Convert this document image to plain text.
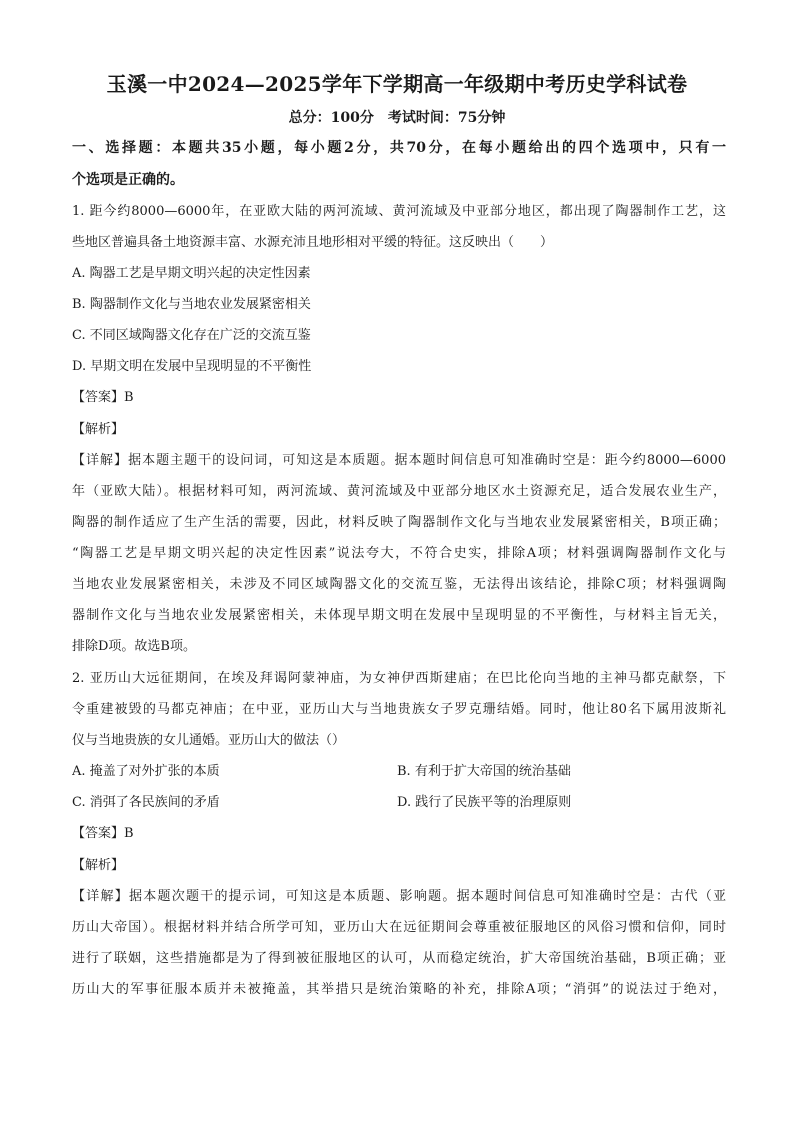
玉溪一中2024—2025学年下学期高一年级期中考历史学科试卷
总分：100分　考试时间：75分钟
一、选择题：本题共35小题，每小题2分，共70分，在每小题给出的四个选项中，只有一
个选项是正确的。
1. 距今约8000—6000年，在亚欧大陆的两河流域、黄河流域及中亚部分地区，都出现了陶器制作工艺，这
些地区普遍具备土地资源丰富、水源充沛且地形相对平缓的特征。这反映出（　　）
A. 陶器工艺是早期文明兴起的决定性因素
B. 陶器制作文化与当地农业发展紧密相关
C. 不同区域陶器文化存在广泛的交流互鉴
D. 早期文明在发展中呈现明显的不平衡性
【答案】B
【解析】
【详解】据本题主题干的设问词，可知这是本质题。据本题时间信息可知准确时空是：距今约8000—6000
年（亚欧大陆）。根据材料可知，两河流域、黄河流域及中亚部分地区水土资源充足，适合发展农业生产，
陶器的制作适应了生产生活的需要，因此，材料反映了陶器制作文化与当地农业发展紧密相关，B项正确；
“陶器工艺是早期文明兴起的决定性因素”说法夸大，不符合史实，排除A项；材料强调陶器制作文化与
当地农业发展紧密相关，未涉及不同区域陶器文化的交流互鉴，无法得出该结论，排除C项；材料强调陶
器制作文化与当地农业发展紧密相关，未体现早期文明在发展中呈现明显的不平衡性，与材料主旨无关，
排除D项。故选B项。
2. 亚历山大远征期间，在埃及拜谒阿蒙神庙，为女神伊西斯建庙；在巴比伦向当地的主神马都克献祭，下
令重建被毁的马都克神庙；在中亚，亚历山大与当地贵族女子罗克珊结婚。同时，他让80名下属用波斯礼
仪与当地贵族的女儿通婚。亚历山大的做法（）
A. 掩盖了对外扩张的本质	B. 有利于扩大帝国的统治基础
C. 消弭了各民族间的矛盾	D. 践行了民族平等的治理原则
【答案】B
【解析】
【详解】据本题次题干的提示词，可知这是本质题、影响题。据本题时间信息可知准确时空是：古代（亚
历山大帝国）。根据材料并结合所学可知，亚历山大在远征期间会尊重被征服地区的风俗习惯和信仰，同时
进行了联姻，这些措施都是为了得到被征服地区的认可，从而稳定统治，扩大帝国统治基础，B项正确；亚
历山大的军事征服本质并未被掩盖，其举措只是统治策略的补充，排除A项；“消弭”的说法过于绝对，
